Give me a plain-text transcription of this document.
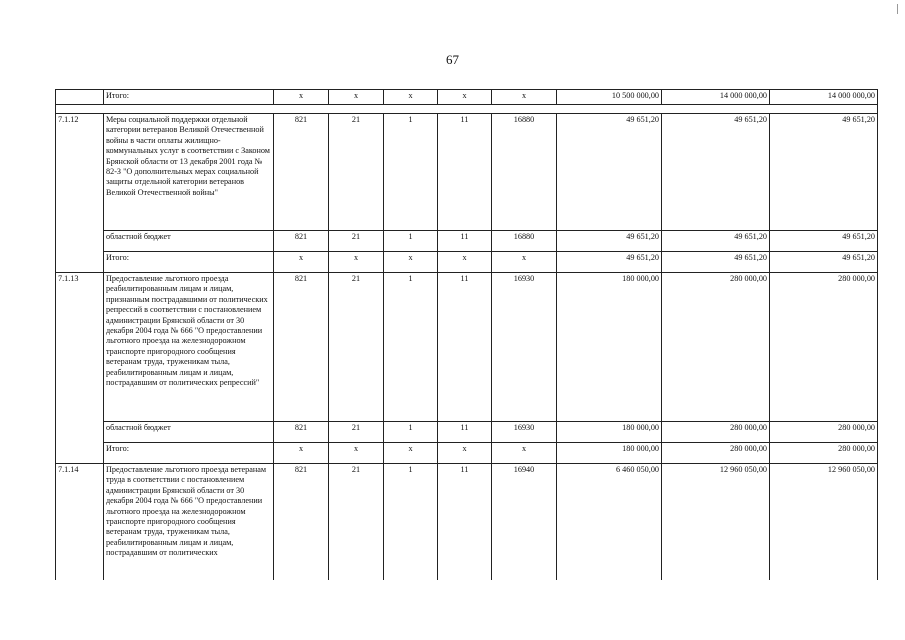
67
	Итого:	х	х	х	х	х	10 500 000,00	14 000 000,00	14 000 000,00

7.1.12	Меры социальной поддержки отдельной категории ветеранов Великой Отечественной войны в части оплаты жилищно-коммунальных услуг в соответствии с Законом Брянской области от 13 декабря 2001 года № 82-З "О дополнительных мерах социальной защиты отдельной категории ветеранов Великой Отечественной войны"	821	21	1	11	16880	49 651,20	49 651,20	49 651,20
	областной бюджет	821	21	1	11	16880	49 651,20	49 651,20	49 651,20
	Итого:	х	х	х	х	х	49 651,20	49 651,20	49 651,20
7.1.13	Предоставление льготного проезда реабилитированным лицам и лицам, признанным пострадавшими от политических репрессий в соответствии с постановлением администрации Брянской области от 30 декабря 2004 года № 666 "О предоставлении льготного проезда на железнодорожном транспорте пригородного сообщения ветеранам труда, труженикам тыла, реабилитированным лицам и лицам, пострадавшим от политических репрессий"	821	21	1	11	16930	180 000,00	280 000,00	280 000,00
	областной бюджет	821	21	1	11	16930	180 000,00	280 000,00	280 000,00
	Итого:	х	х	х	х	х	180 000,00	280 000,00	280 000,00
7.1.14	Предоставление льготного проезда ветеранам труда в соответствии с постановлением администрации Брянской области от 30 декабря 2004 года № 666 "О предоставлении льготного проезда на железнодорожном транспорте пригородного сообщения ветеранам труда, труженикам тыла, реабилитированным лицам и лицам, пострадавшим от политических	821	21	1	11	16940	6 460 050,00	12 960 050,00	12 960 050,00
